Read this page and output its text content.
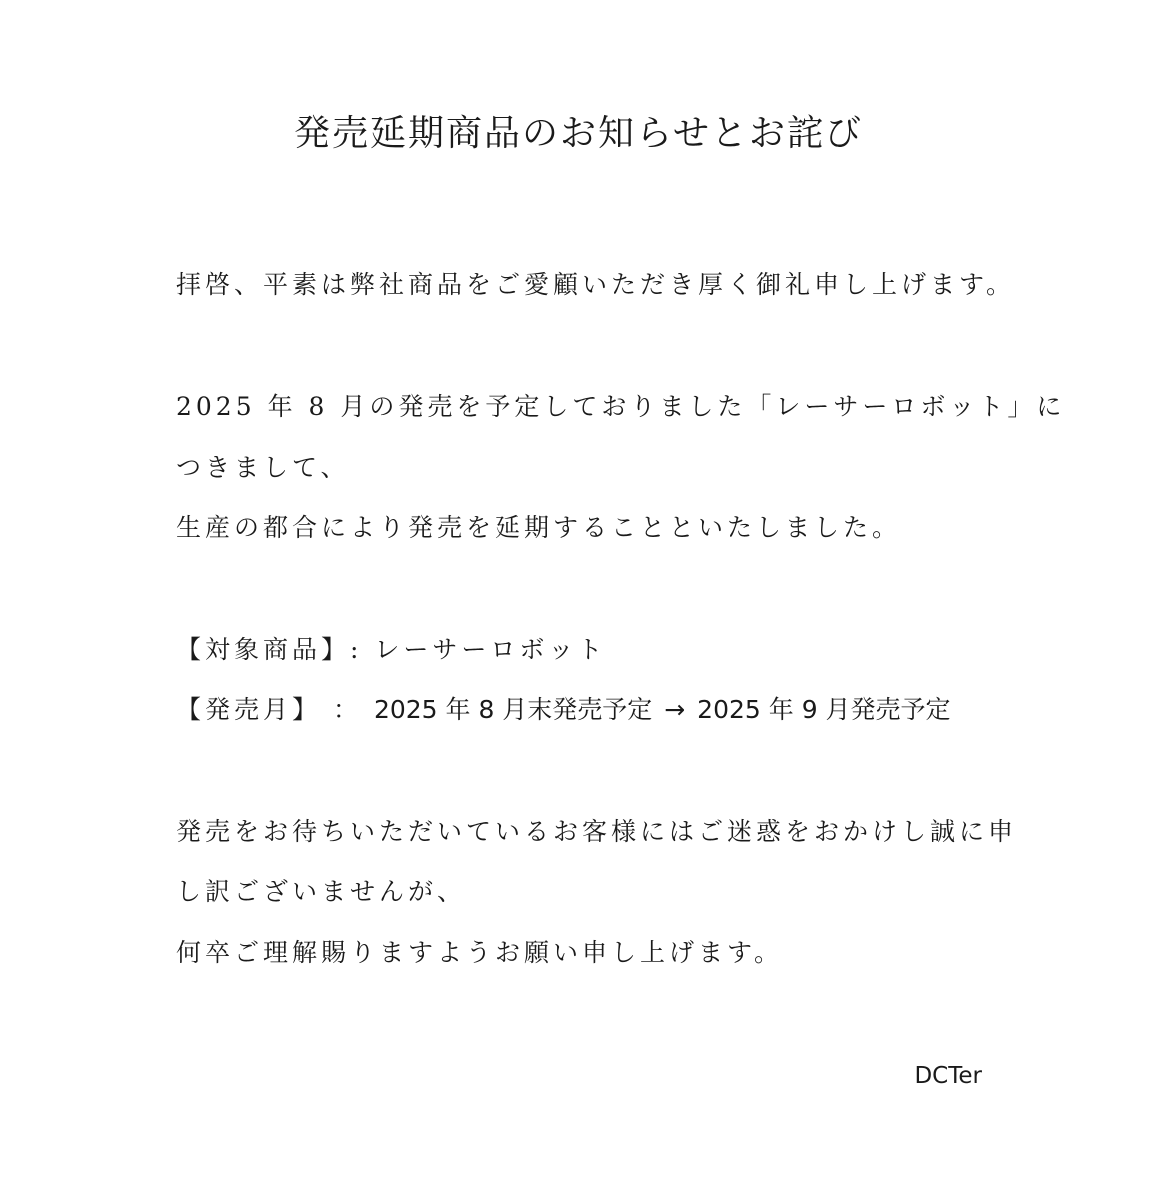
発売延期商品のお知らせとお詫び
拝啓、平素は弊社商品をご愛顧いただき厚く御礼申し上げます。
2025 年 8 月の発売を予定しておりました「レーサーロボット」に
つきまして、
生産の都合により発売を延期することといたしました。
【対象商品】: レーサーロボット
【発売月】 ： 2025 年 8 月末発売予定 → 2025 年 9 月発売予定
発売をお待ちいただいているお客様にはご迷惑をおかけし誠に申
し訳ございませんが、
何卒ご理解賜りますようお願い申し上げます。
DCTer
